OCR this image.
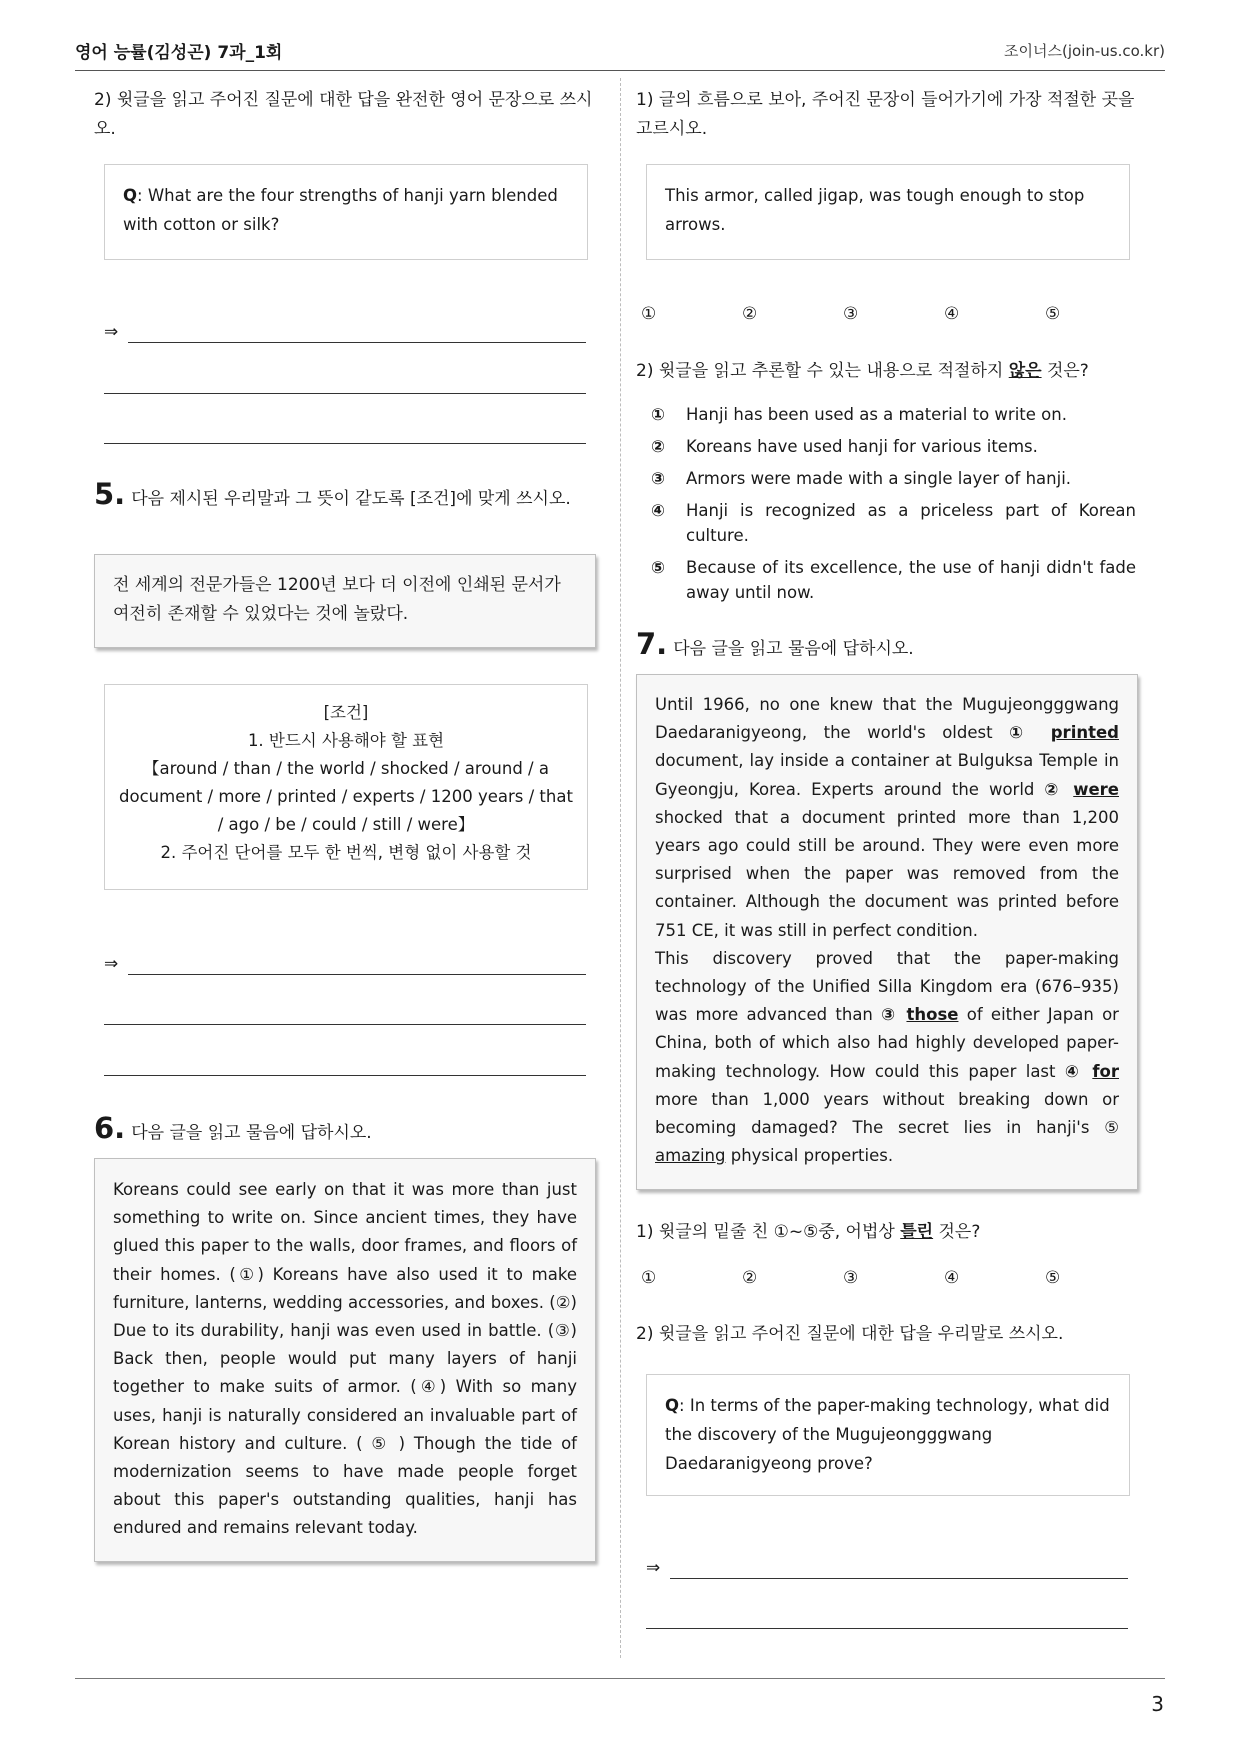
영어 능률(김성곤) 7과_1회	조이너스(join-us.co.kr)
2) 윗글을 읽고 주어진 질문에 대한 답을 완전한 영어 문장으로 쓰시오.
Q: What are the four strengths of hanji yarn blended with cotton or silk?
⇒
5. 다음 제시된 우리말과 그 뜻이 같도록 [조건]에 맞게 쓰시오.
전 세계의 전문가들은 1200년 보다 더 이전에 인쇄된 문서가 여전히 존재할 수 있었다는 것에 놀랐다.
[조건]
1. 반드시 사용해야 할 표현
【around / than / the world / shocked / around / a document / more / printed / experts / 1200 years / that / ago / be / could / still / were】
2. 주어진 단어를 모두 한 번씩, 변형 없이 사용할 것
⇒
6. 다음 글을 읽고 물음에 답하시오.
Koreans could see early on that it was more than just something to write on. Since ancient times, they have glued this paper to the walls, door frames, and floors of their homes. (①) Koreans have also used it to make furniture, lanterns, wedding accessories, and boxes. (②) Due to its durability, hanji was even used in battle. (③) Back then, people would put many layers of hanji together to make suits of armor. (④) With so many uses, hanji is naturally considered an invaluable part of Korean history and culture. ( ⑤ ) Though the tide of modernization seems to have made people forget about this paper's outstanding qualities, hanji has endured and remains relevant today.
1) 글의 흐름으로 보아, 주어진 문장이 들어가기에 가장 적절한 곳을 고르시오.
This armor, called jigap, was tough enough to stop arrows.
①	②	③	④	⑤
2) 윗글을 읽고 추론할 수 있는 내용으로 적절하지 않은 것은?
①	Hanji has been used as a material to write on.
②	Koreans have used hanji for various items.
③	Armors were made with a single layer of hanji.
④	Hanji is recognized as a priceless part of Korean culture.
⑤	Because of its excellence, the use of hanji didn't fade away until now.
7. 다음 글을 읽고 물음에 답하시오.
Until 1966, no one knew that the Mugujeongggwang Daedaranigyeong, the world's oldest ① printed document, lay inside a container at Bulguksa Temple in Gyeongju, Korea. Experts around the world ② were shocked that a document printed more than 1,200 years ago could still be around. They were even more surprised when the paper was removed from the container. Although the document was printed before 751 CE, it was still in perfect condition.
This discovery proved that the paper-making technology of the Unified Silla Kingdom era (676–935) was more advanced than ③ those of either Japan or China, both of which also had highly developed paper-making technology. How could this paper last ④ for more than 1,000 years without breaking down or becoming damaged? The secret lies in hanji's ⑤ amazing physical properties.
1) 윗글의 밑줄 친 ①~⑤중, 어법상 틀린 것은?
①	②	③	④	⑤
2) 윗글을 읽고 주어진 질문에 대한 답을 우리말로 쓰시오.
Q: In terms of the paper-making technology, what did the discovery of the Mugujeongggwang Daedaranigyeong prove?
⇒
3
